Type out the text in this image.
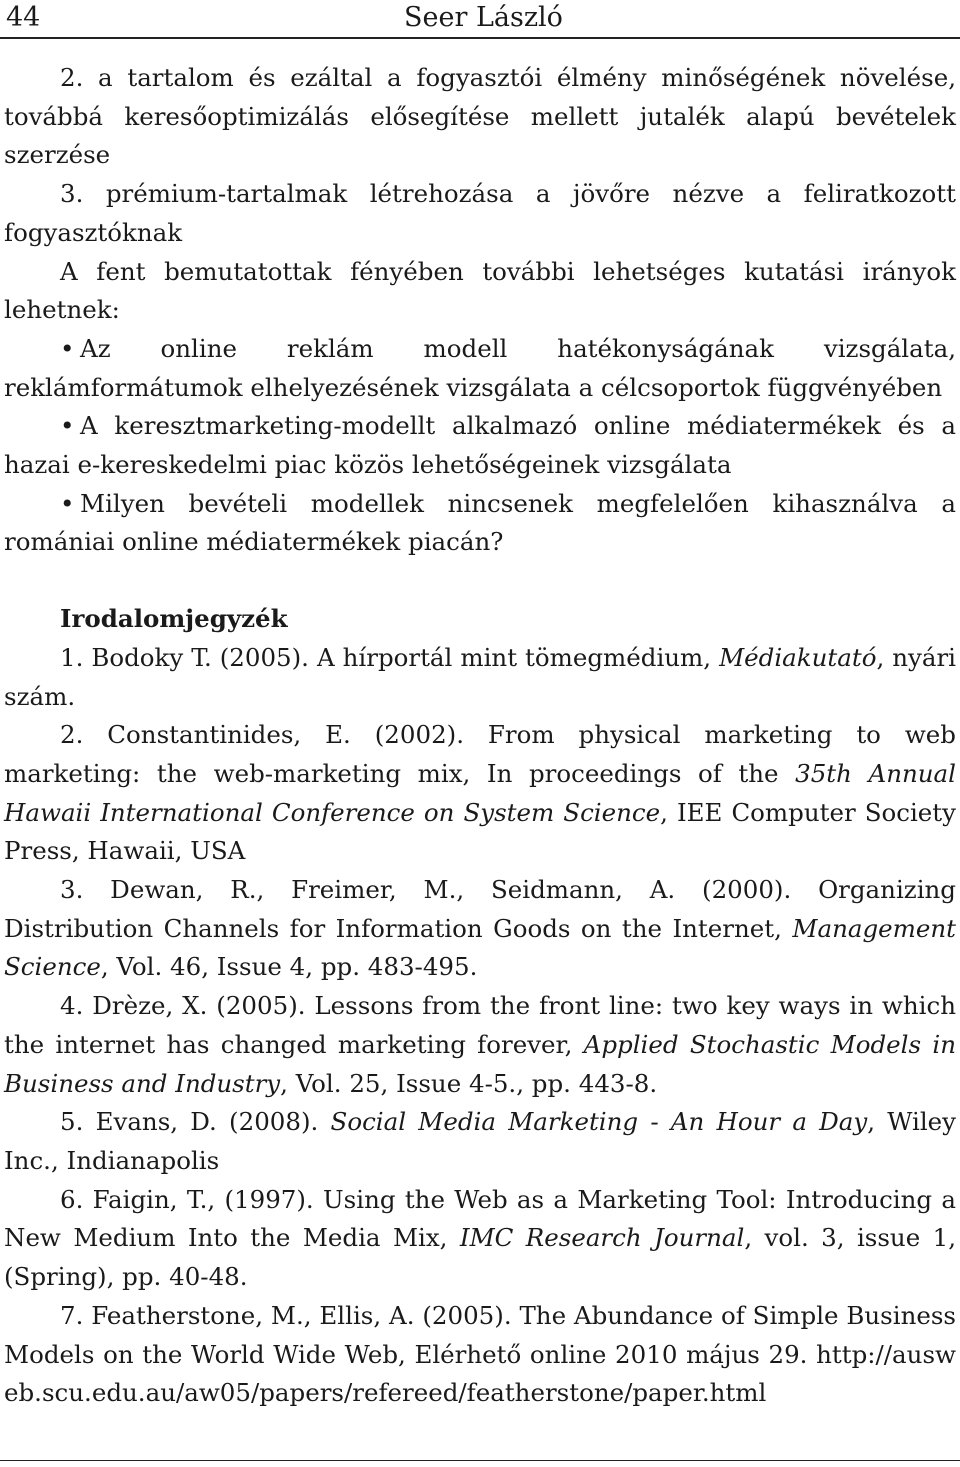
44	Seer László

2. a tartalom és ezáltal a fogyasztói élmény minőségének növelése, továbbá keresőoptimizálás elősegítése mellett jutalék alapú bevételek szerzése

3. prémium-tartalmak létrehozása a jövőre nézve a feliratkozott fogyasztóknak

A fent bemutatottak fényében további lehetséges kutatási irányok lehetnek:

• Az online reklám modell hatékonyságának vizsgálata, reklámformátumok elhelyezésének vizsgálata a célcsoportok függvényében

• A keresztmarketing-modellt alkalmazó online médiatermékek és a hazai e-kereskedelmi piac közös lehetőségeinek vizsgálata

• Milyen bevételi modellek nincsenek megfelelően kihasználva a romániai online médiatermékek piacán?

Irodalomjegyzék

1. Bodoky T. (2005). A hírportál mint tömegmédium, Médiakutató, nyári szám.

2. Constantinides, E. (2002). From physical marketing to web marketing: the web-marketing mix, In proceedings of the 35th Annual Hawaii International Conference on System Science, IEE Computer Society Press, Hawaii, USA

3. Dewan, R., Freimer, M., Seidmann, A. (2000). Organizing Distribution Channels for Information Goods on the Internet, Management Science, Vol. 46, Issue 4, pp. 483-495.

4. Drèze, X. (2005). Lessons from the front line: two key ways in which the internet has changed marketing forever, Applied Stochastic Models in Business and Industry, Vol. 25, Issue 4-5., pp. 443-8.

5. Evans, D. (2008). Social Media Marketing - An Hour a Day, Wiley Inc., Indianapolis

6. Faigin, T., (1997). Using the Web as a Marketing Tool: Introducing a New Medium Into the Media Mix, IMC Research Journal, vol. 3, issue 1, (Spring), pp. 40-48.

7. Featherstone, M., Ellis, A. (2005). The Abundance of Simple Business Models on the World Wide Web, Elérhető online 2010 május 29. http://ausweb.scu.edu.au/aw05/papers/refereed/featherstone/paper.html
